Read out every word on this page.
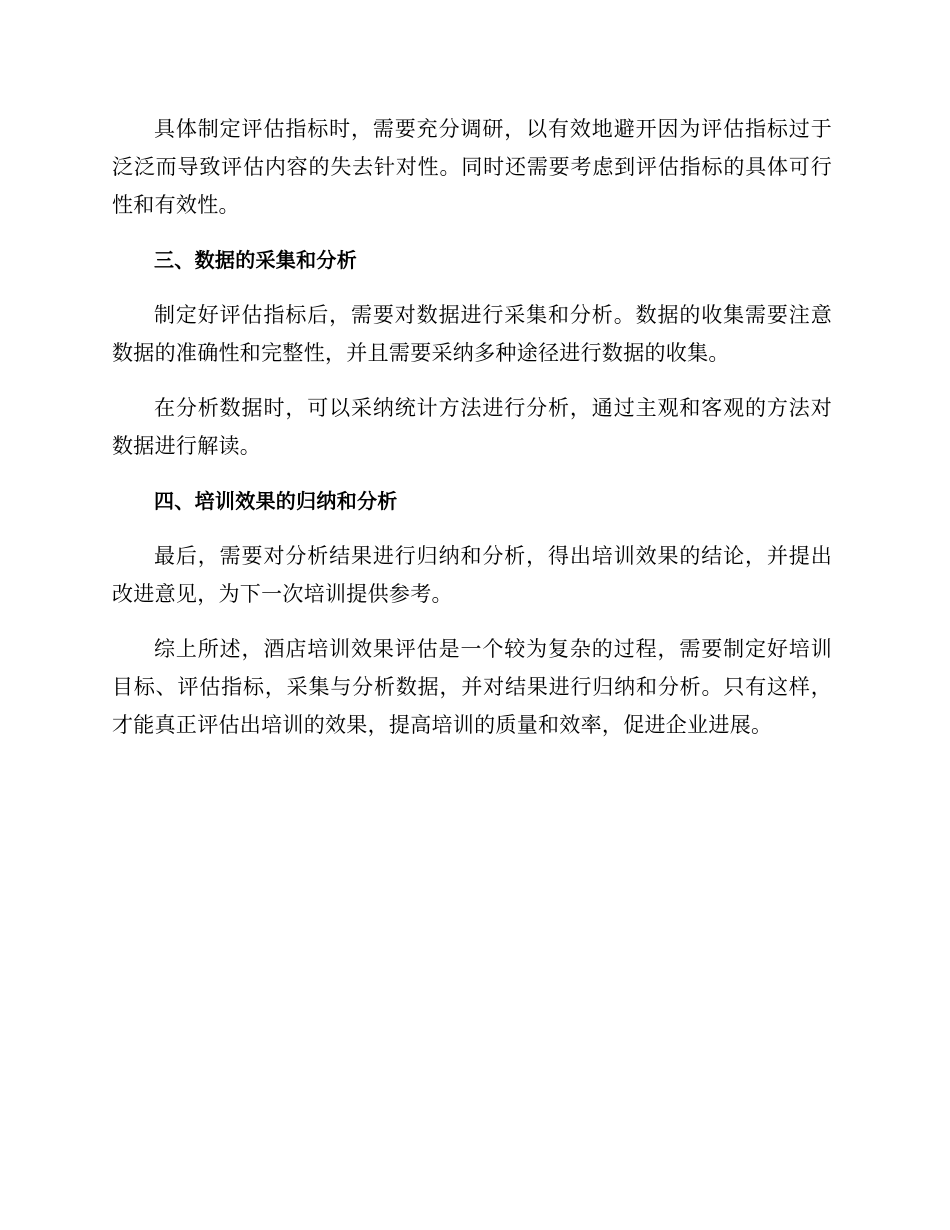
具体制定评估指标时，需要充分调研，以有效地避开因为评估指标过于泛泛而导致评估内容的失去针对性。同时还需要考虑到评估指标的具体可行性和有效性。

三、数据的采集和分析

制定好评估指标后，需要对数据进行采集和分析。数据的收集需要注意数据的准确性和完整性，并且需要采纳多种途径进行数据的收集。

在分析数据时，可以采纳统计方法进行分析，通过主观和客观的方法对数据进行解读。

四、培训效果的归纳和分析

最后，需要对分析结果进行归纳和分析，得出培训效果的结论，并提出改进意见，为下一次培训提供参考。

综上所述，酒店培训效果评估是一个较为复杂的过程，需要制定好培训目标、评估指标，采集与分析数据，并对结果进行归纳和分析。只有这样，才能真正评估出培训的效果，提高培训的质量和效率，促进企业进展。
